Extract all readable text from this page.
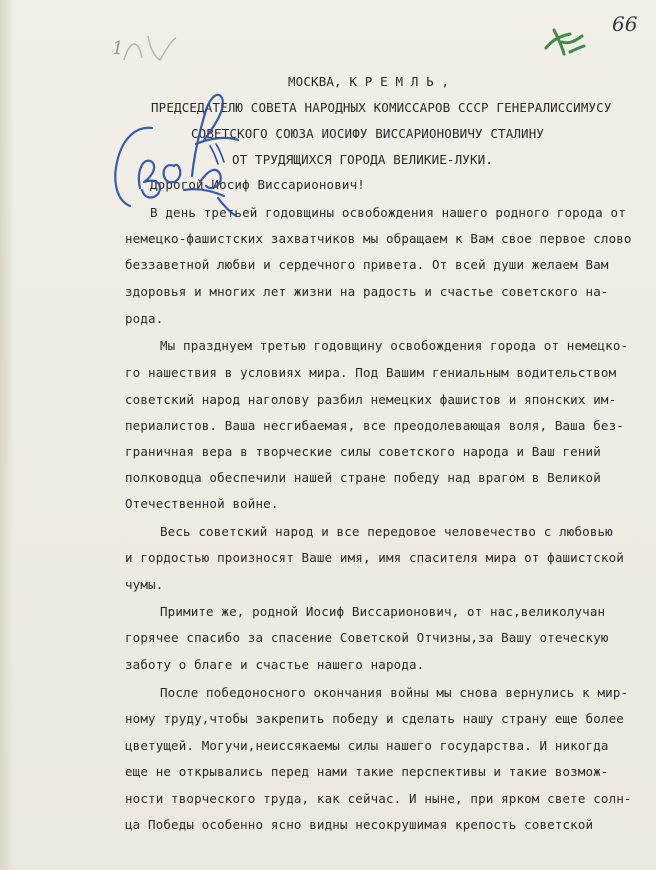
66
1
МОСКВА, К Р Е М Л Ь ,
ПРЕДСЕДАТЕЛЮ СОВЕТА НАРОДНЫХ КОМИССАРОВ СССР ГЕНЕРАЛИССИМУСУ
СОВЕТСКОГО СОЮЗА ИОСИФУ ВИССАРИОНОВИЧУ СТАЛИНУ
ОТ ТРУДЯЩИХСЯ ГОРОДА ВЕЛИКИЕ-ЛУКИ.
Дорогой Иосиф Виссарионович!
В день третьей годовщины освобождения нашего родного города от
немецко-фашистских захватчиков мы обращаем к Вам свое первое слово
беззаветной любви и сердечного привета. От всей души желаем Вам
здоровья и многих лет жизни на радость и счастье советского на-
рода.
Мы празднуем третью годовщину освобождения города от немецко-
го нашествия в условиях мира. Под Вашим гениальным водительством
советский народ наголову разбил немецких фашистов и японских им-
периалистов. Ваша несгибаемая, все преодолевающая воля, Ваша без-
граничная вера в творческие силы советского народа и Ваш гений
полководца обеспечили нашей стране победу над врагом в Великой
Отечественной войне.
Весь советский народ и все передовое человечество с любовью
и гордостью произносят Ваше имя, имя спасителя мира от фашистской
чумы.
Примите же, родной Иосиф Виссарионович, от нас,великолучан
горячее спасибо за спасение Советской Отчизны,за Вашу отеческую
заботу о благе и счастье нашего народа.
После победоносного окончания войны мы снова вернулись к мир-
ному труду,чтобы закрепить победу и сделать нашу страну еще более
цветущей. Могучи,неиссякаемы силы нашего государства. И никогда
еще не открывались перед нами такие перспективы и такие возмож-
ности творческого труда, как сейчас. И ныне, при ярком свете солн-
ца Победы особенно ясно видны несокрушимая крепость советской
